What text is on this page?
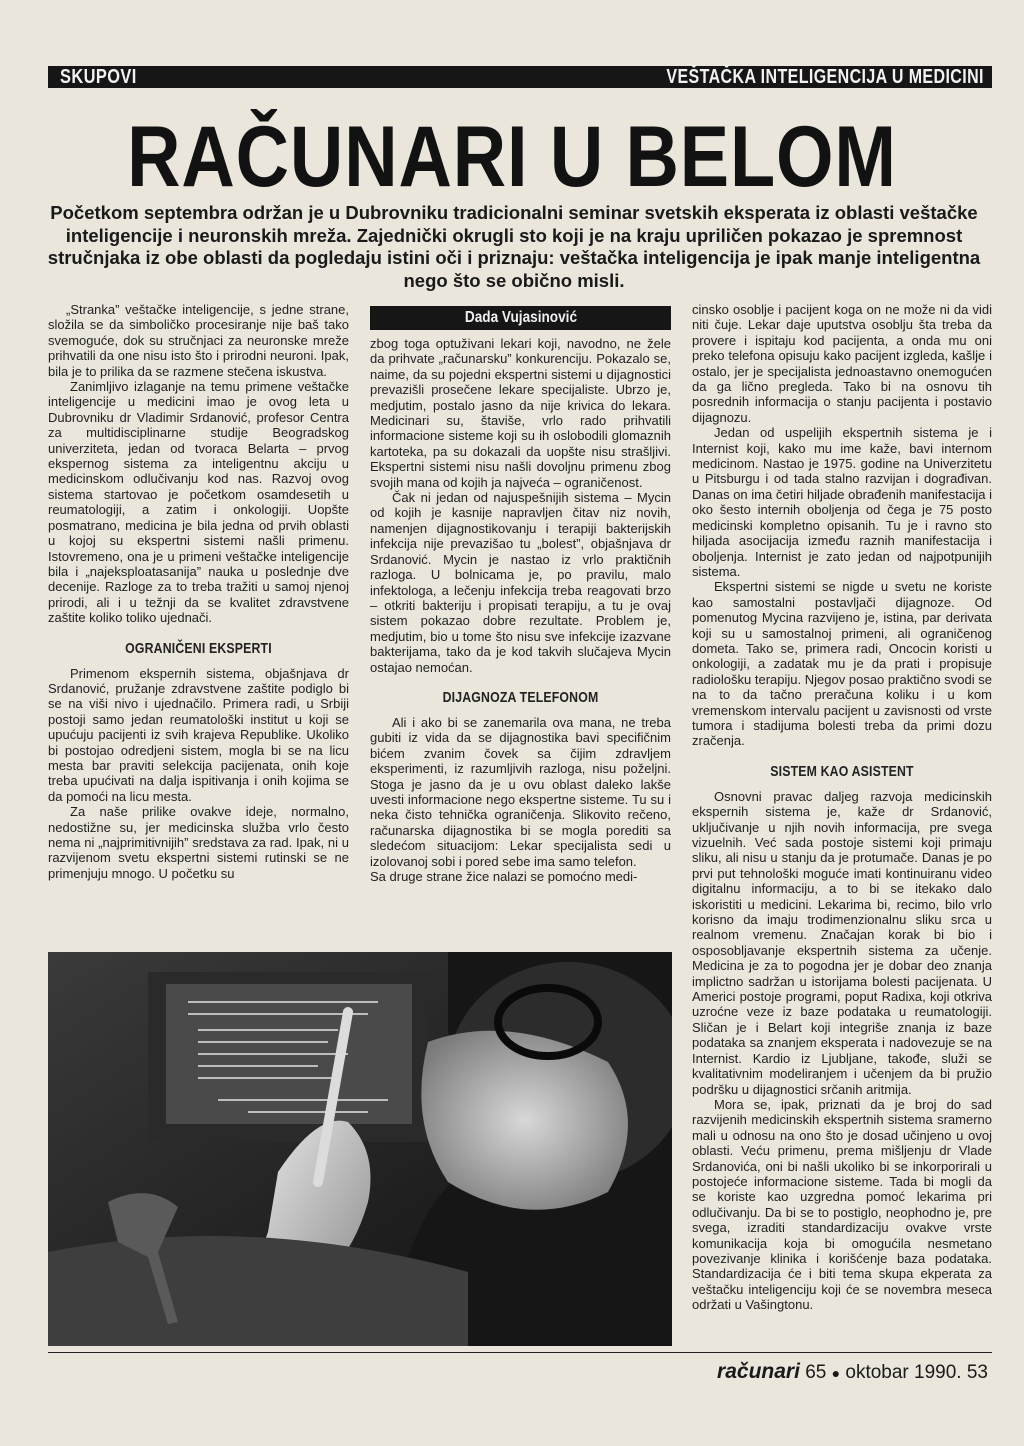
SKUPOVI	VEŠTAČKA INTELIGENCIJA U MEDICINI
RAČUNARI U BELOM
Početkom septembra održan je u Dubrovniku tradicionalni seminar svetskih eksperata iz oblasti veštačke inteligencije i neuronskih mreža. Zajednički okrugli sto koji je na kraju upriličen pokazao je spremnost stručnjaka iz obe oblasti da pogledaju istini oči i priznaju: veštačka inteligencija je ipak manje inteligentna nego što se obično misli.

„Stranka” veštačke inteligencije, s jedne strane, složila se da simboličko procesiranje nije baš tako svemoguće, dok su stručnjaci za neuronske mreže prihvatili da one nisu isto što i prirodni neuroni. Ipak, bila je to prilika da se razmene stečena iskustva.

Zanimljivo izlaganje na temu primene veštačke inteligencije u medicini imao je ovog leta u Dubrovniku dr Vladimir Srdanović, profesor Centra za multidisciplinarne studije Beogradskog univerziteta, jedan od tvoraca Belarta – prvog ekspernog sistema za inteligentnu akciju u medicinskom odlučivanju kod nas. Razvoj ovog sistema startovao je početkom osamdesetih u reumatologiji, a zatim i onkologiji. Uopšte posmatrano, medicina je bila jedna od prvih oblasti u kojoj su ekspertni sistemi našli primenu. Istovremeno, ona je u primeni veštačke inteligencije bila i „najeksploatasanija” nauka u poslednje dve decenije. Razloge za to treba tražiti u samoj njenoj prirodi, ali i u težnji da se kvalitet zdravstvene zaštite koliko toliko ujednači.

OGRANIČENI EKSPERTI

Primenom ekspernih sistema, objašnjava dr Srdanović, pružanje zdravstvene zaštite podiglo bi se na viši nivo i ujednačilo. Primera radi, u Srbiji postoji samo jedan reumatološki institut u koji se upućuju pacijenti iz svih krajeva Republike. Ukoliko bi postojao odredjeni sistem, mogla bi se na licu mesta bar praviti selekcija pacijenata, onih koje treba upućivati na dalja ispitivanja i onih kojima se da pomoći na licu mesta.

Za naše prilike ovakve ideje, normalno, nedostižne su, jer medicinska služba vrlo često nema ni „najprimitivnijih” sredstava za rad. Ipak, ni u razvijenom svetu ekspertni sistemi rutinski se ne primenjuju mnogo. U početku su

Dada Vujasinović

zbog toga optuživani lekari koji, navodno, ne žele da prihvate „računarsku” konkurenciju. Pokazalo se, naime, da su pojedni ekspertni sistemi u dijagnostici prevazišli prosečene lekare specijaliste. Ubrzo je, medjutim, postalo jasno da nije krivica do lekara. Medicinari su, štaviše, vrlo rado prihvatili informacione sisteme koji su ih oslobodili glomaznih kartoteka, pa su dokazali da uopšte nisu strašljivi. Ekspertni sistemi nisu našli dovoljnu primenu zbog svojih mana od kojih ja najveća – ograničenost.

Čak ni jedan od najuspešnijih sistema – Mycin od kojih je kasnije napravljen čitav niz novih, namenjen dijagnostikovanju i terapiji bakterijskih infekcija nije prevazišao tu „bolest”, objašnjava dr Srdanović. Mycin je nastao iz vrlo praktičnih razloga. U bolnicama je, po pravilu, malo infektologa, a lečenju infekcija treba reagovati brzo – otkriti bakteriju i propisati terapiju, a tu je ovaj sistem pokazao dobre rezultate. Problem je, medjutim, bio u tome što nisu sve infekcije izazvane bakterijama, tako da je kod takvih slučajeva Mycin ostajao nemoćan.

DIJAGNOZA TELEFONOM

Ali i ako bi se zanemarila ova mana, ne treba gubiti iz vida da se dijagnostika bavi specifičnim bićem zvanim čovek sa čijim zdravljem eksperimenti, iz razumljivih razloga, nisu poželjni. Stoga je jasno da je u ovu oblast daleko lakše uvesti informacione nego ekspertne sisteme. Tu su i neka čisto tehnička ograničenja. Slikovito rečeno, računarska dijagnostika bi se mogla porediti sa sledećom situacijom: Lekar specijalista sedi u izolovanoj sobi i pored sebe ima samo telefon.

Sa druge strane žice nalazi se pomoćno medi-

cinsko osoblje i pacijent koga on ne može ni da vidi niti čuje. Lekar daje uputstva osoblju šta treba da provere i ispitaju kod pacijenta, a onda mu oni preko telefona opisuju kako pacijent izgleda, kašlje i ostalo, jer je specijalista jednoastavno onemogućen da ga lično pregleda. Tako bi na osnovu tih posrednih informacija o stanju pacijenta i postavio dijagnozu.

Jedan od uspelijih ekspertnih sistema je i Internist koji, kako mu ime kaže, bavi internom medicinom. Nastao je 1975. godine na Univerzitetu u Pitsburgu i od tada stalno razvijan i dograđivan. Danas on ima četiri hiljade obrađenih manifestacija i oko šesto internih oboljenja od čega je 75 posto medicinski kompletno opisanih. Tu je i ravno sto hiljada asocijacija između raznih manifestacija i oboljenja. Internist je zato jedan od najpotpunijih sistema.

Ekspertni sistemi se nigde u svetu ne koriste kao samostalni postavljači dijagnoze. Od pomenutog Mycina razvijeno je, istina, par derivata koji su u samostalnoj primeni, ali ograničenog dometa. Tako se, primera radi, Oncocin koristi u onkologiji, a zadatak mu je da prati i propisuje radiološku terapiju. Njegov posao praktično svodi se na to da tačno preračuna koliku i u kom vremenskom intervalu pacijent u zavisnosti od vrste tumora i stadijuma bolesti treba da primi dozu zračenja.

SISTEM KAO ASISTENT

Osnovni pravac daljeg razvoja medicinskih ekspernih sistema je, kaže dr Srdanović, uključivanje u njih novih informacija, pre svega vizuelnih. Već sada postoje sistemi koji primaju sliku, ali nisu u stanju da je protumače. Danas je po prvi put tehnološki moguće imati kontinuiranu video digitalnu informaciju, a to bi se itekako dalo iskoristiti u medicini. Lekarima bi, recimo, bilo vrlo korisno da imaju trodimenzionalnu sliku srca u realnom vremenu. Značajan korak bi bio i osposobljavanje ekspertnih sistema za učenje. Medicina je za to pogodna jer je dobar deo znanja implictno sadržan u istorijama bolesti pacijenata. U Americi postoje programi, poput Radixa, koji otkriva uzroćne veze iz baze podataka u reumatologiji. Sličan je i Belart koji integriše znanja iz baze podataka sa znanjem eksperata i nadovezuje se na Internist. Kardio iz Ljubljane, takođe, služi se kvalitativnim modeliranjem i učenjem da bi pružio podršku u dijagnostici srčanih aritmija.

Mora se, ipak, priznati da je broj do sad razvijenih medicinskih ekspertnih sistema sramerno mali u odnosu na ono što je dosad učinjeno u ovoj oblasti. Veću primenu, prema mišljenju dr Vlade Srdanovića, oni bi našli ukoliko bi se inkorporirali u postojeće informacione sisteme. Tada bi mogli da se koriste kao uzgredna pomoć lekarima pri odlučivanju. Da bi se to postiglo, neophodno je, pre svega, izraditi standardizaciju ovakve vrste komunikacija koja bi omogućila nesmetano povezivanje klinika i korišćenje baza podataka. Standardizacija će i biti tema skupa ekperata za veštačku inteligenciju koji će se novembra meseca održati u Vašingtonu.

računari 65 ● oktobar 1990. 53
